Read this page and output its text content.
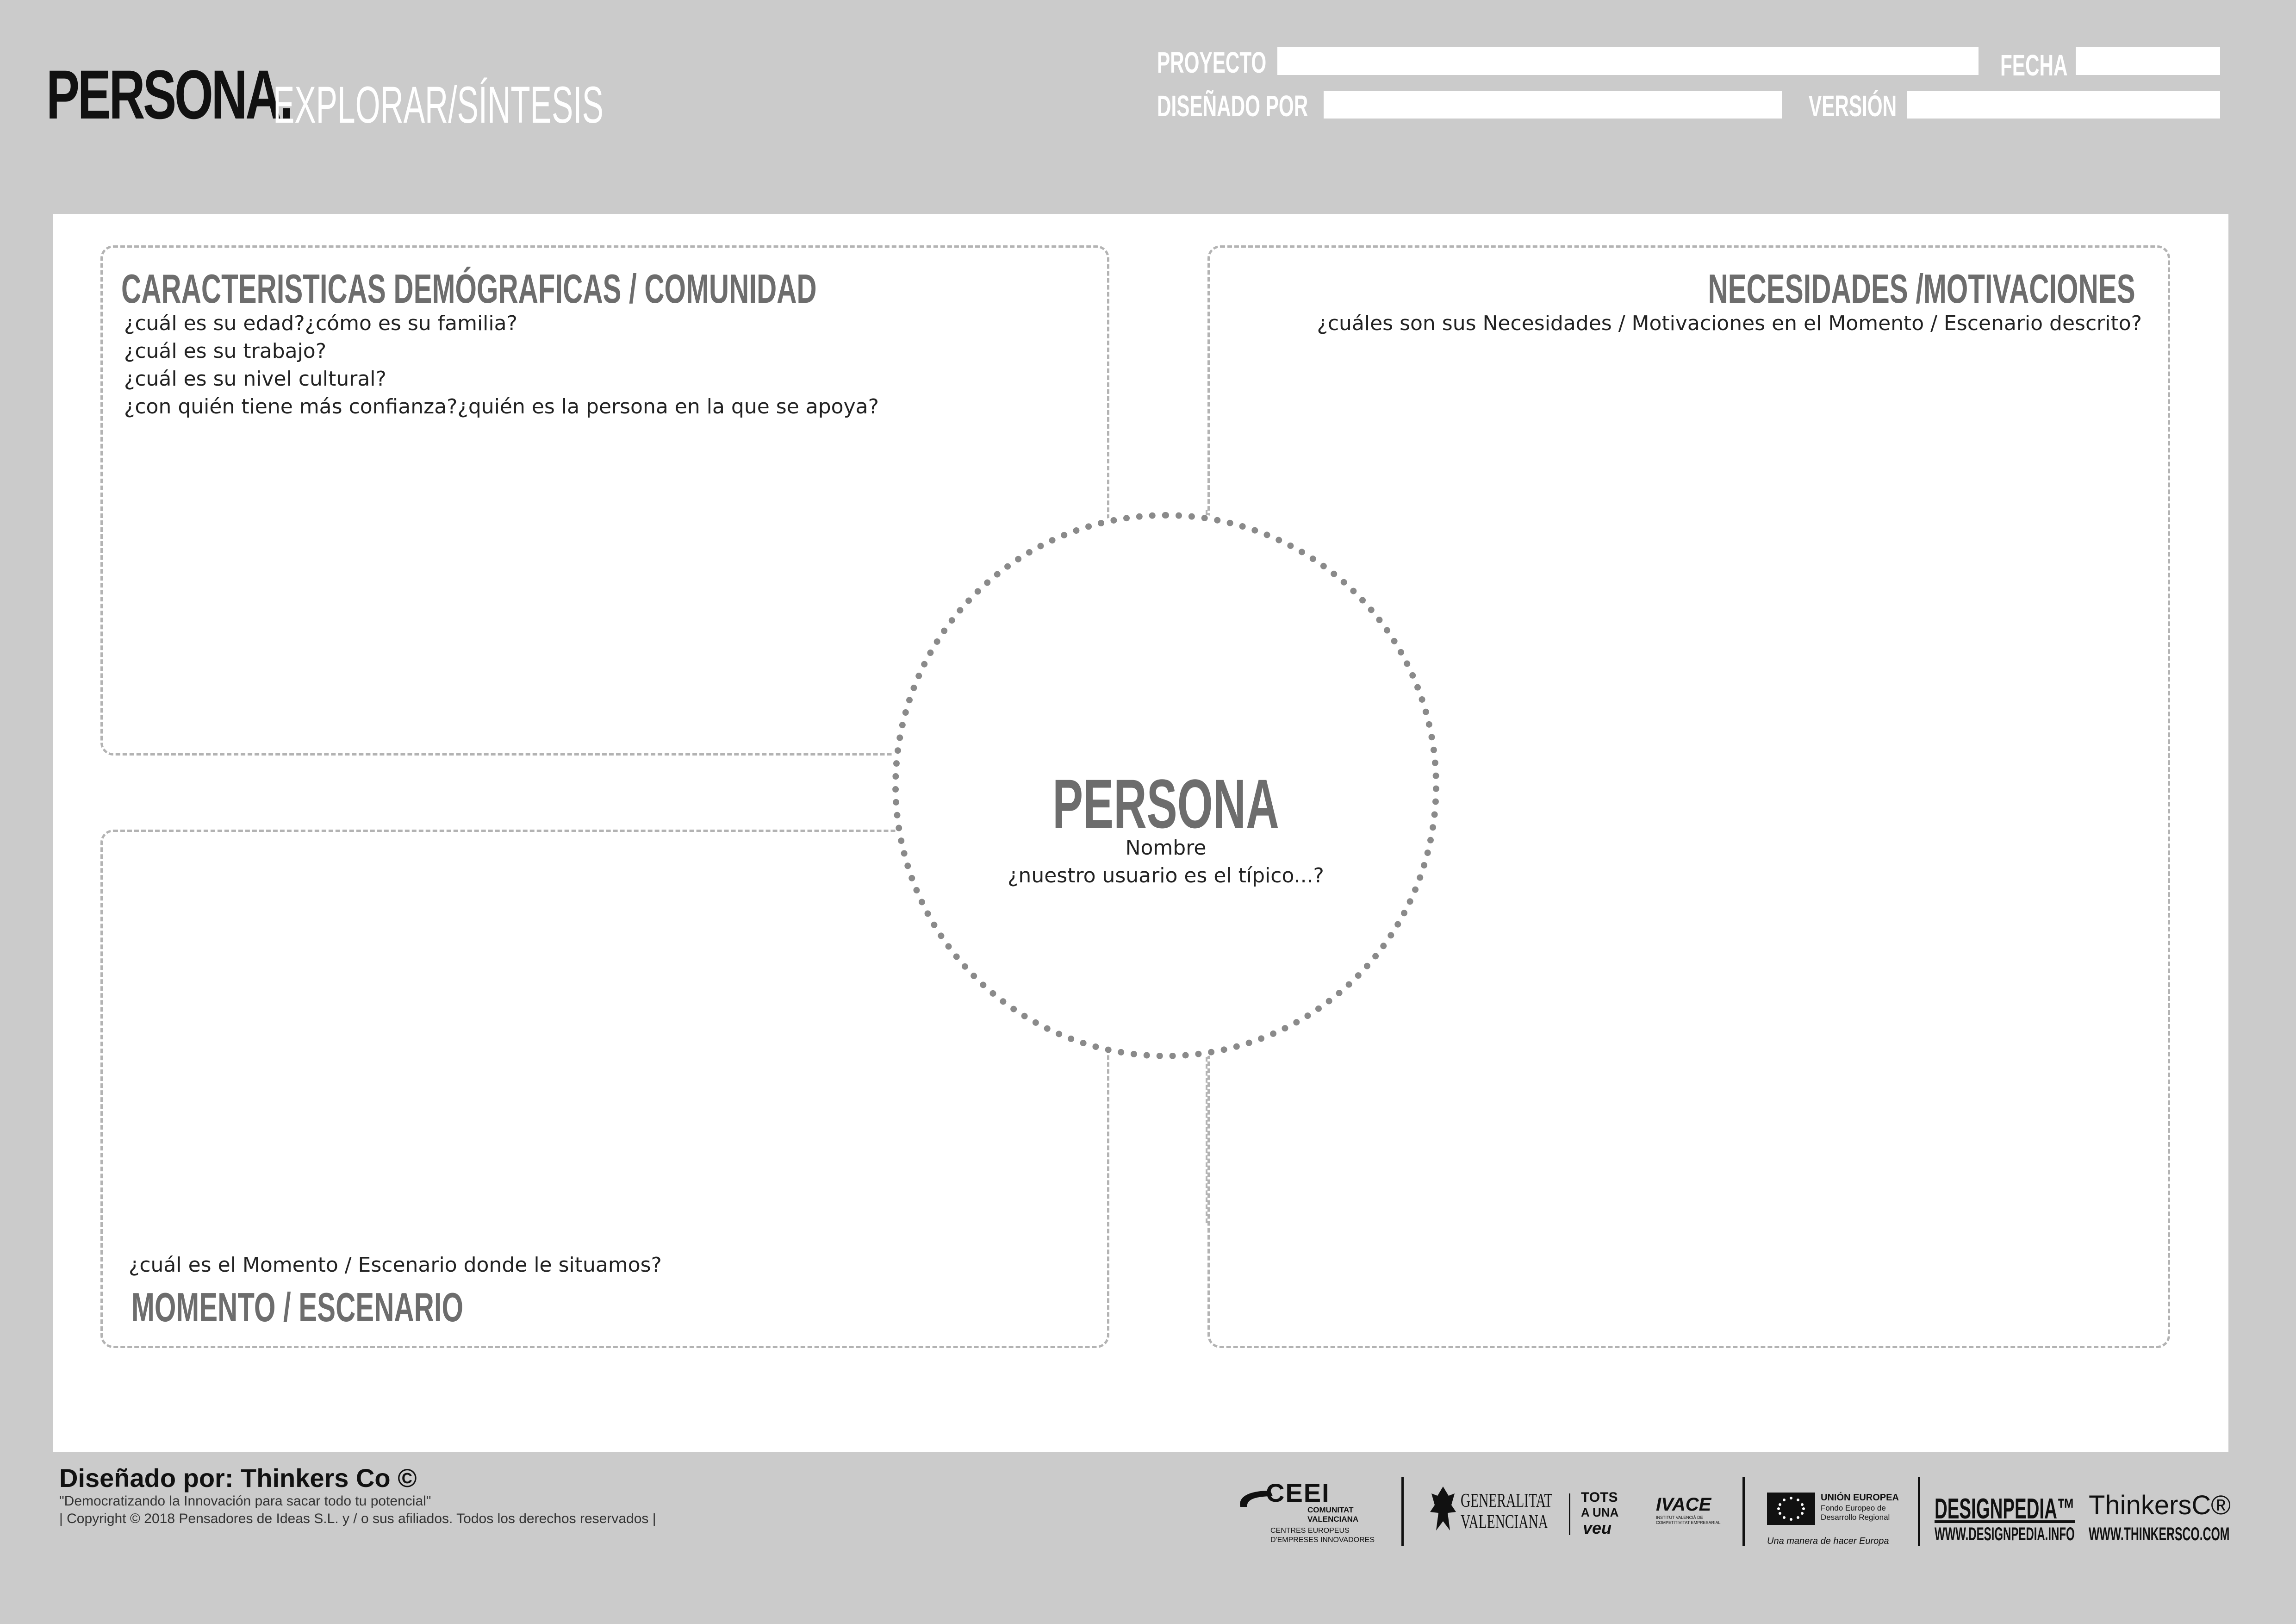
PERSONA.
EXPLORAR/SÍNTESIS
PROYECTO	FECHA
DISEÑADO POR	VERSIÓN
CARACTERISTICAS DEMÓGRAFICAS / COMUNIDAD
¿cuál es su edad?¿cómo es su familia?
¿cuál es su trabajo?
¿cuál es su nivel cultural?
¿con quién tiene más confianza?¿quién es la persona en la que se apoya?
NECESIDADES /MOTIVACIONES
¿cuáles son sus Necesidades / Motivaciones en el Momento / Escenario descrito?
¿cuál es el Momento / Escenario donde le situamos?
MOMENTO / ESCENARIO
PERSONA
Nombre
¿nuestro usuario es el típico...?
Diseñado por: Thinkers Co ©
"Democratizando la Innovación para sacar todo tu potencial"
| Copyright © 2018 Pensadores de Ideas S.L. y / o sus afiliados. Todos los derechos reservados |
CEEI
COMUNITAT
VALENCIANA
CENTRES EUROPEUS
D'EMPRESES INNOVADORES
GENERALITAT
VALENCIANA
TOTS
A UNA
veu
IVACE
INSTITUT VALENCIÀ DE COMPETITIVITAT EMPRESARIAL
UNIÓN EUROPEA
Fondo Europeo de
Desarrollo Regional
Una manera de hacer Europa
DESIGNPEDIA™
WWW.DESIGNPEDIA.INFO
ThinkersC®
WWW.THINKERSCO.COM
